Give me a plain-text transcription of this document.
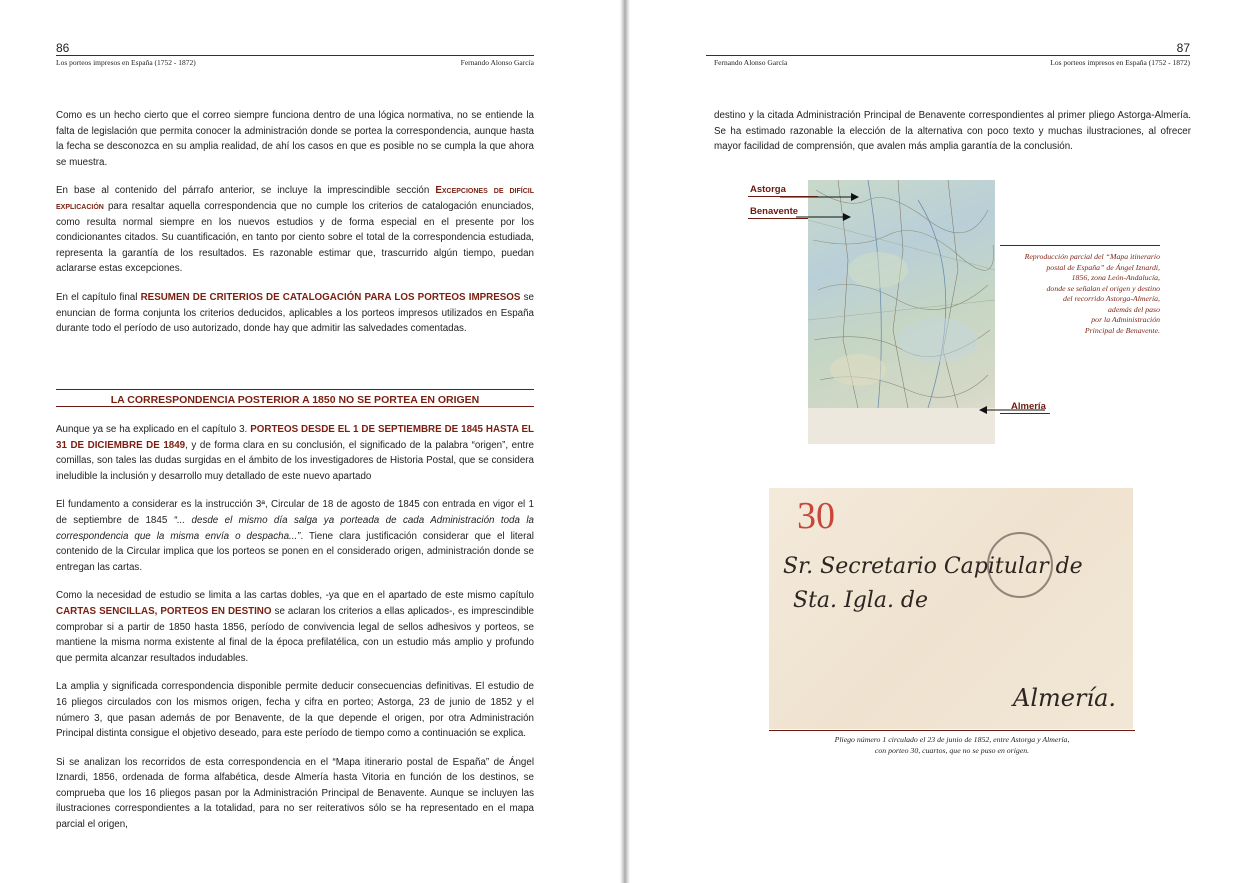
86
Los porteos impresos en España (1752 - 1872)	Fernando Alonso García

Como es un hecho cierto que el correo siempre funciona dentro de una lógica normativa, no se entiende la falta de legislación que permita conocer la administración donde se portea la correspondencia, aunque hasta la fecha se desconozca en su amplia realidad, de ahí los casos en que es posible no se cumpla la que ahora se muestra.

En base al contenido del párrafo anterior, se incluye la imprescindible sección Excepciones de difícil explicación para resaltar aquella correspondencia que no cumple los criterios de catalogación enunciados, como resulta normal siempre en los nuevos estudios y de forma especial en el presente por los condicionantes citados. Su cuantificación, en tanto por ciento sobre el total de la correspondencia estudiada, representa la garantía de los resultados. Es razonable estimar que, trascurrido algún tiempo, puedan aclararse estas excepciones.

En el capítulo final RESUMEN DE CRITERIOS DE CATALOGACIÓN PARA LOS PORTEOS IMPRESOS se enuncian de forma conjunta los criterios deducidos, aplicables a los porteos impresos utilizados en España durante todo el período de uso autorizado, donde hay que admitir las salvedades comentadas.

LA CORRESPONDENCIA POSTERIOR A 1850 NO SE PORTEA EN ORIGEN

Aunque ya se ha explicado en el capítulo 3. PORTEOS DESDE EL 1 DE SEPTIEMBRE DE 1845 HASTA EL 31 DE DICIEMBRE DE 1849, y de forma clara en su conclusión, el significado de la palabra “origen”, entre comillas, son tales las dudas surgidas en el ámbito de los investigadores de Historia Postal, que se considera ineludible la inclusión y desarrollo muy detallado de este nuevo apartado

El fundamento a considerar es la instrucción 3ª, Circular de 18 de agosto de 1845 con entrada en vigor el 1 de septiembre de 1845 “... desde el mismo día salga ya porteada de cada Administración toda la correspondencia que la misma envía o despacha...”. Tiene clara justificación considerar que el literal contenido de la Circular implica que los porteos se ponen en el considerado origen, administración donde se entregan las cartas.

Como la necesidad de estudio se limita a las cartas dobles, -ya que en el apartado de este mismo capítulo CARTAS SENCILLAS, PORTEOS EN DESTINO se aclaran los criterios a ellas aplicados-, es imprescindible comprobar si a partir de 1850 hasta 1856, período de convivencia legal de sellos adhesivos y porteos, se mantiene la misma norma existente al final de la época prefilatélica, con un estudio más amplio y profundo que permita alcanzar resultados indudables.

La amplia y significada correspondencia disponible permite deducir consecuencias definitivas. El estudio de 16 pliegos circulados con los mismos origen, fecha y cifra en porteo; Astorga, 23 de junio de 1852 y el número 3, que pasan además de por Benavente, de la que depende el origen, por otra Administración Principal distinta consigue el objetivo deseado, para este período de tiempo como a continuación se explica.

Si se analizan los recorridos de esta correspondencia en el “Mapa itinerario postal de España” de Ángel Iznardi, 1856, ordenada de forma alfabética, desde Almería hasta Vitoria en función de los destinos, se comprueba que los 16 pliegos pasan por la Administración Principal de Benavente. Aunque se incluyen las ilustraciones correspondientes a la totalidad, para no ser reiterativos sólo se ha representado en el mapa parcial el origen,

87
Fernando Alonso García	Los porteos impresos en España (1752 - 1872)

destino y la citada Administración Principal de Benavente correspondientes al primer pliego Astorga-Almería. Se ha estimado razonable la elección de la alternativa con poco texto y muchas ilustraciones, al ofrecer mayor facilidad de comprensión, que avalen más amplia garantía de la conclusión.

Astorga
Benavente
Almería
Reproducción parcial del “Mapa itinerario
postal de España” de Ángel Iznardi,
1856, zona León-Andalucía,
donde se señalan el origen y destino
del recorrido Astorga-Almería,
además del paso
por la Administración
Principal de Benavente.
30
Sr. Secretario Capitular de
Sta. Igla. de
Almería.
Pliego número 1 circulado el 23 de junio de 1852, entre Astorga y Almería,
con porteo 30, cuartos, que no se puso en origen.
